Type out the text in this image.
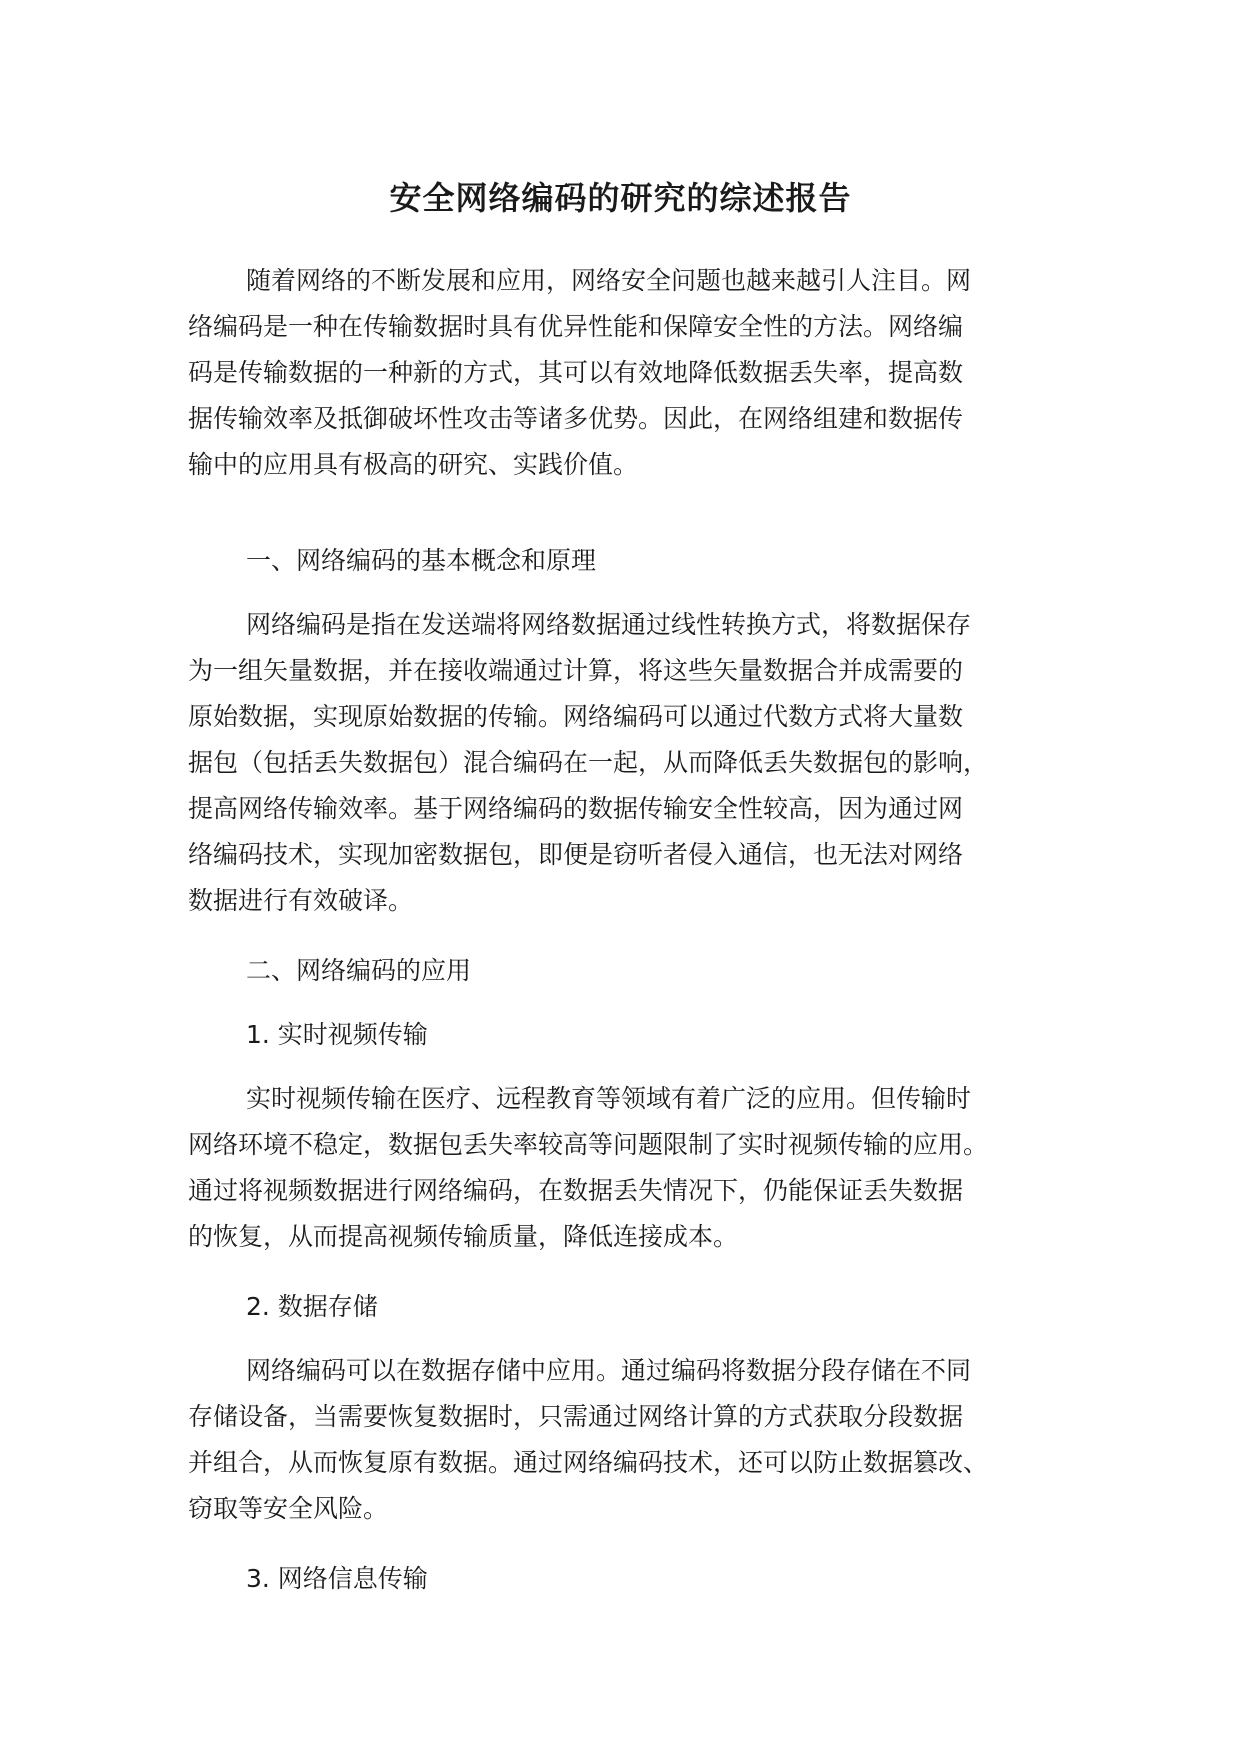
安全网络编码的研究的综述报告
随着网络的不断发展和应用，网络安全问题也越来越引人注目。网
络编码是一种在传输数据时具有优异性能和保障安全性的方法。网络编
码是传输数据的一种新的方式，其可以有效地降低数据丢失率，提高数
据传输效率及抵御破坏性攻击等诸多优势。因此，在网络组建和数据传
输中的应用具有极高的研究、实践价值。
一、网络编码的基本概念和原理
网络编码是指在发送端将网络数据通过线性转换方式，将数据保存
为一组矢量数据，并在接收端通过计算，将这些矢量数据合并成需要的
原始数据，实现原始数据的传输。网络编码可以通过代数方式将大量数
据包（包括丢失数据包）混合编码在一起，从而降低丢失数据包的影响，
提高网络传输效率。基于网络编码的数据传输安全性较高，因为通过网
络编码技术，实现加密数据包，即便是窃听者侵入通信，也无法对网络
数据进行有效破译。
二、网络编码的应用
1. 实时视频传输
实时视频传输在医疗、远程教育等领域有着广泛的应用。但传输时
网络环境不稳定，数据包丢失率较高等问题限制了实时视频传输的应用。
通过将视频数据进行网络编码，在数据丢失情况下，仍能保证丢失数据
的恢复，从而提高视频传输质量，降低连接成本。
2. 数据存储
网络编码可以在数据存储中应用。通过编码将数据分段存储在不同
存储设备，当需要恢复数据时，只需通过网络计算的方式获取分段数据
并组合，从而恢复原有数据。通过网络编码技术，还可以防止数据篡改、
窃取等安全风险。
3. 网络信息传输
